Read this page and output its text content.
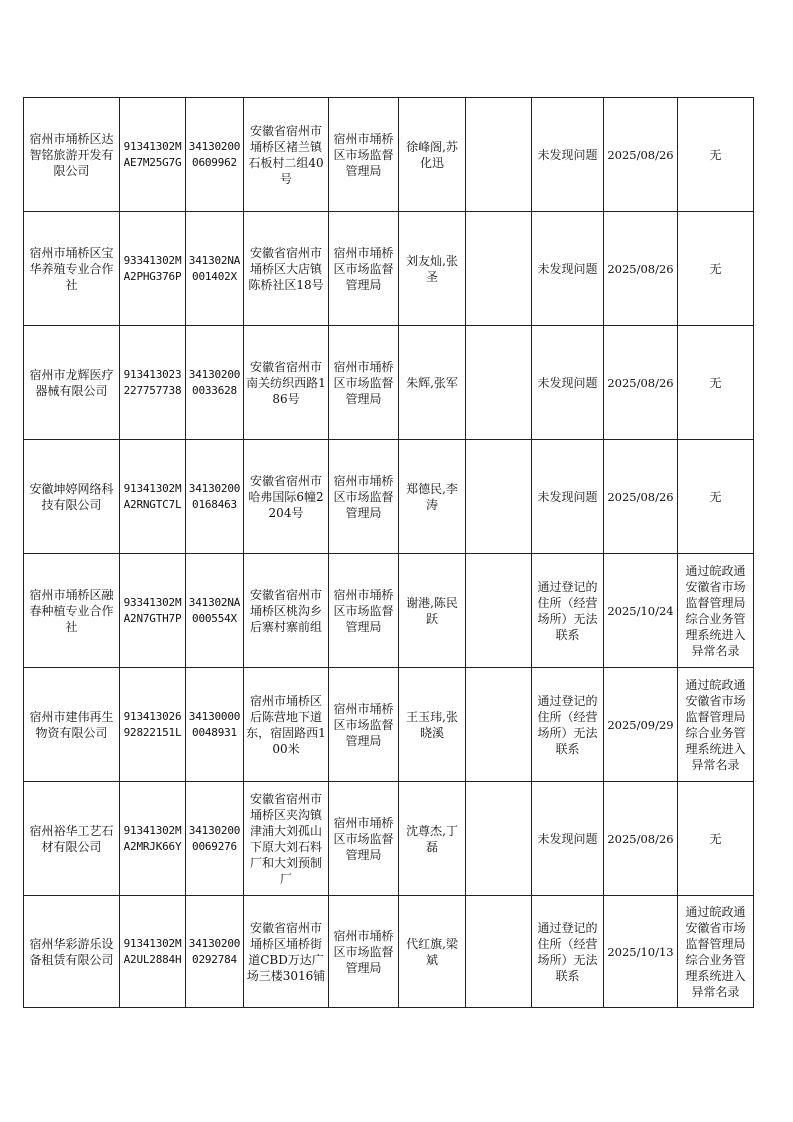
宿州市埇桥区达智铭旅游开发有限公司	91341302MAE7M25G7G	341302000609962	安徽省宿州市埇桥区褚兰镇石板村二组40号	宿州市埇桥区市场监督管理局	徐峰阁,苏化迅		未发现问题	2025/08/26	无
宿州市埇桥区宝华养殖专业合作社	93341302MA2PHG376P	341302NA001402X	安徽省宿州市埇桥区大店镇陈桥社区18号	宿州市埇桥区市场监督管理局	刘友灿,张圣		未发现问题	2025/08/26	无
宿州市龙辉医疗器械有限公司	913413023227757738	341302000033628	安徽省宿州市南关纺织西路186号	宿州市埇桥区市场监督管理局	朱辉,张军		未发现问题	2025/08/26	无
安徽坤婷网络科技有限公司	91341302MA2RNGTC7L	341302000168463	安徽省宿州市哈弗国际6幢2204号	宿州市埇桥区市场监督管理局	郑德民,李涛		未发现问题	2025/08/26	无
宿州市埇桥区融春种植专业合作社	93341302MA2N7GTH7P	341302NA000554X	安徽省宿州市埇桥区桃沟乡后寨村寨前组	宿州市埇桥区市场监督管理局	谢港,陈民跃		通过登记的住所（经营场所）无法联系	2025/10/24	通过皖政通安徽省市场监督管理局综合业务管理系统进入异常名录
宿州市建伟再生物资有限公司	91341302692822151L	341300000048931	宿州市埇桥区后陈营地下道东，宿固路西100米	宿州市埇桥区市场监督管理局	王玉玮,张晓溪		通过登记的住所（经营场所）无法联系	2025/09/29	通过皖政通安徽省市场监督管理局综合业务管理系统进入异常名录
宿州裕华工艺石材有限公司	91341302MA2MRJK66Y	341302000069276	安徽省宿州市埇桥区夹沟镇津浦大刘孤山下原大刘石料厂和大刘预制厂	宿州市埇桥区市场监督管理局	沈尊杰,丁磊		未发现问题	2025/08/26	无
宿州华彩游乐设备租赁有限公司	91341302MA2UL2884H	341302000292784	安徽省宿州市埇桥区埇桥街道CBD万达广场三楼3016铺	宿州市埇桥区市场监督管理局	代红旗,梁斌		通过登记的住所（经营场所）无法联系	2025/10/13	通过皖政通安徽省市场监督管理局综合业务管理系统进入异常名录
